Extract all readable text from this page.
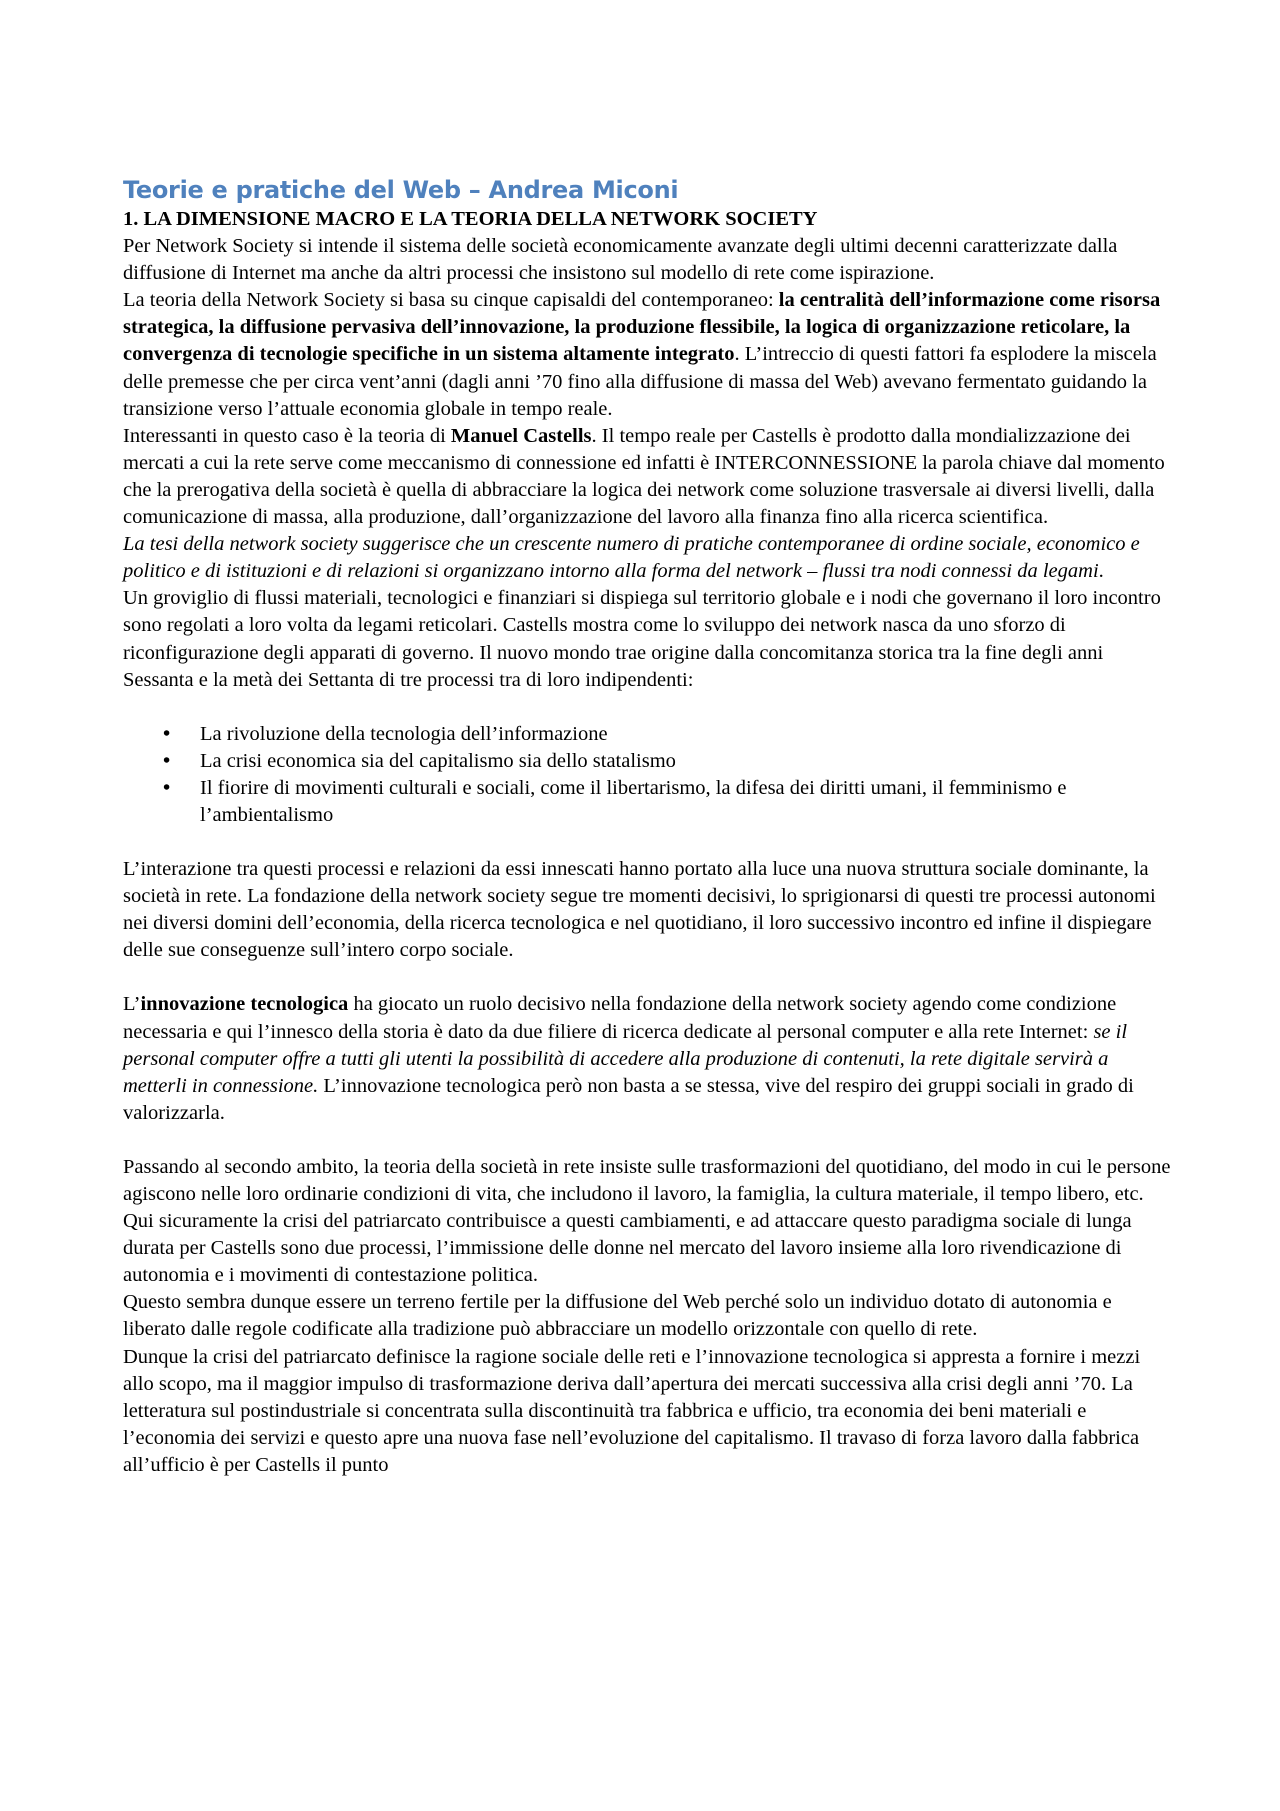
Teorie e pratiche del Web – Andrea Miconi
1. LA DIMENSIONE MACRO E LA TEORIA DELLA NETWORK SOCIETY

Per Network Society si intende il sistema delle società economicamente avanzate degli ultimi decenni caratterizzate dalla diffusione di Internet ma anche da altri processi che insistono sul modello di rete come ispirazione.

La teoria della Network Society si basa su cinque capisaldi del contemporaneo: la centralità dell’informazione come risorsa strategica, la diffusione pervasiva dell’innovazione, la produzione flessibile, la logica di organizzazione reticolare, la convergenza di tecnologie specifiche in un sistema altamente integrato. L’intreccio di questi fattori fa esplodere la miscela delle premesse che per circa vent’anni (dagli anni ’70 fino alla diffusione di massa del Web) avevano fermentato guidando la transizione verso l’attuale economia globale in tempo reale.

Interessanti in questo caso è la teoria di Manuel Castells. Il tempo reale per Castells è prodotto dalla mondializzazione dei mercati a cui la rete serve come meccanismo di connessione ed infatti è INTERCONNESSIONE la parola chiave dal momento che la prerogativa della società è quella di abbracciare la logica dei network come soluzione trasversale ai diversi livelli, dalla comunicazione di massa, alla produzione, dall’organizzazione del lavoro alla finanza fino alla ricerca scientifica.

La tesi della network society suggerisce che un crescente numero di pratiche contemporanee di ordine sociale, economico e politico e di istituzioni e di relazioni si organizzano intorno alla forma del network – flussi tra nodi connessi da legami.

Un groviglio di flussi materiali, tecnologici e finanziari si dispiega sul territorio globale e i nodi che governano il loro incontro sono regolati a loro volta da legami reticolari. Castells mostra come lo sviluppo dei network nasca da uno sforzo di riconfigurazione degli apparati di governo. Il nuovo mondo trae origine dalla concomitanza storica tra la fine degli anni Sessanta e la metà dei Settanta di tre processi tra di loro indipendenti:

• La rivoluzione della tecnologia dell’informazione
• La crisi economica sia del capitalismo sia dello statalismo
• Il fiorire di movimenti culturali e sociali, come il libertarismo, la difesa dei diritti umani, il femminismo e l’ambientalismo

L’interazione tra questi processi e relazioni da essi innescati hanno portato alla luce una nuova struttura sociale dominante, la società in rete. La fondazione della network society segue tre momenti decisivi, lo sprigionarsi di questi tre processi autonomi nei diversi domini dell’economia, della ricerca tecnologica e nel quotidiano, il loro successivo incontro ed infine il dispiegare delle sue conseguenze sull’intero corpo sociale.

L’innovazione tecnologica ha giocato un ruolo decisivo nella fondazione della network society agendo come condizione necessaria e qui l’innesco della storia è dato da due filiere di ricerca dedicate al personal computer e alla rete Internet: se il personal computer offre a tutti gli utenti la possibilità di accedere alla produzione di contenuti, la rete digitale servirà a metterli in connessione. L’innovazione tecnologica però non basta a se stessa, vive del respiro dei gruppi sociali in grado di valorizzarla.

Passando al secondo ambito, la teoria della società in rete insiste sulle trasformazioni del quotidiano, del modo in cui le persone agiscono nelle loro ordinarie condizioni di vita, che includono il lavoro, la famiglia, la cultura materiale, il tempo libero, etc. Qui sicuramente la crisi del patriarcato contribuisce a questi cambiamenti, e ad attaccare questo paradigma sociale di lunga durata per Castells sono due processi, l’immissione delle donne nel mercato del lavoro insieme alla loro rivendicazione di autonomia e i movimenti di contestazione politica.

Questo sembra dunque essere un terreno fertile per la diffusione del Web perché solo un individuo dotato di autonomia e liberato dalle regole codificate alla tradizione può abbracciare un modello orizzontale con quello di rete.

Dunque la crisi del patriarcato definisce la ragione sociale delle reti e l’innovazione tecnologica si appresta a fornire i mezzi allo scopo, ma il maggior impulso di trasformazione deriva dall’apertura dei mercati successiva alla crisi degli anni ’70. La letteratura sul postindustriale si concentrata sulla discontinuità tra fabbrica e ufficio, tra economia dei beni materiali e l’economia dei servizi e questo apre una nuova fase nell’evoluzione del capitalismo. Il travaso di forza lavoro dalla fabbrica all’ufficio è per Castells il punto
